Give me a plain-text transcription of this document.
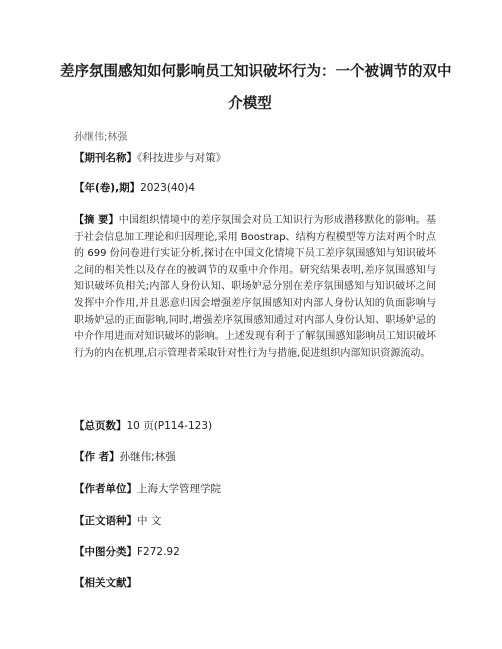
差序氛围感知如何影响员工知识破坏行为：一个被调节的双中
介模型
孙继伟;林强
【期刊名称】《科技进步与对策》
【年(卷),期】2023(40)4
【摘 要】中国组织情境中的差序氛围会对员工知识行为形成潜移默化的影响。基于社会信息加工理论和归因理论,采用 Boostrap、结构方程模型等方法对两个时点的 699 份问卷进行实证分析,探讨在中国文化情境下员工差序氛围感知与知识破坏之间的相关性以及存在的被调节的双重中介作用。研究结果表明,差序氛围感知与知识破坏负相关;内部人身份认知、职场妒忌分别在差序氛围感知与知识破坏之间发挥中介作用,并且恶意归因会增强差序氛围感知对内部人身份认知的负面影响与职场妒忌的正面影响,同时,增强差序氛围感知通过对内部人身份认知、职场妒忌的中介作用进而对知识破坏的影响。上述发现有利于了解氛围感知影响员工知识破坏行为的内在机理,启示管理者采取针对性行为与措施,促进组织内部知识资源流动。
【总页数】10 页(P114-123)
【作 者】孙继伟;林强
【作者单位】上海大学管理学院
【正文语种】中 文
【中图分类】F272.92
【相关文献】
